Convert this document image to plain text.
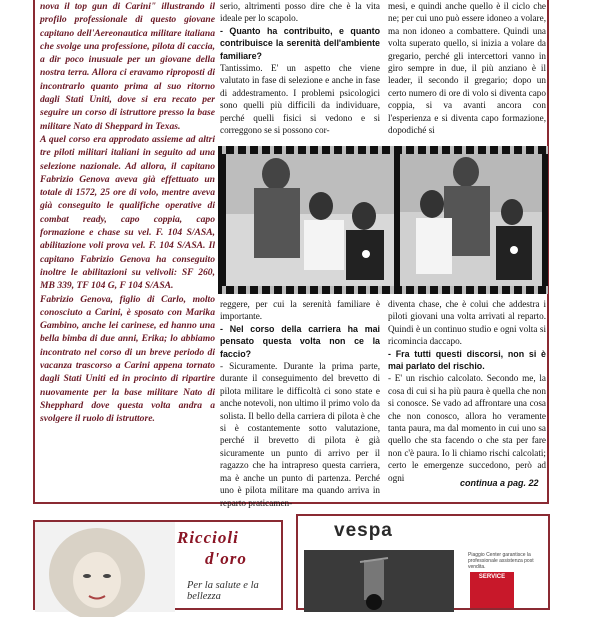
nova il top gun di Carini" illustrando il profilo professionale di questo giovane capitano dell'Aereonautica militare italiana che svolge una professione, pilota di caccia, a dir poco inusuale per un giovane della nostra terra. Allora ci eravamo riproposti di incontrarlo quanto prima al suo ritorno dagli Stati Uniti, dove si era recato per seguire un corso di istruttore presso la base militare Nato di Sheppard in Texas.

A quel corso era approdato assieme ad altri tre piloti militari italiani in seguito ad una selezione nazionale. Ad allora, il capitano Fabrizio Genova aveva già effettuato un totale di 1572, 25 ore di volo, mentre aveva già conseguito le qualifiche operative di combat ready, capo coppia, capo formazione e chase su vel. F. 104 S/ASA, abilitazione voli prova vel. F. 104 S/ASA. Il capitano Fabrizio Genova ha conseguito inoltre le abilitazioni su velivoli: SF 260, MB 339, TF 104 G, F 104 S/ASA.

Fabrizio Genova, figlio di Carlo, molto conosciuto a Carini, è sposato con Marika Gambino, anche lei carinese, ed hanno una bella bimba di due anni, Erika; lo abbiamo incontrato nel corso di un breve periodo di vacanza trascorso a Carini appena tornato dagli Stati Uniti ed in procinto di ripartire nuovamente per la base militare Nato di Shepphard dove questa volta andra a svolgere il ruolo di istruttore.

serio, altrimenti posso dire che è la vita ideale per lo scapolo.

- Quanto ha contribuito, e quanto contribuisce la serenità dell'ambiente familiare?

Tantissimo. E' un aspetto che viene valutato in fase di selezione e anche in fase di addestramento. I problemi psicologici sono quelli più difficili da individuare, perché quelli fisici si vedono e si correggono se si possono cor-

mesi, e quindi anche quello è il ciclo che ne; per cui uno può essere idoneo a volare, ma non idoneo a combattere. Quindi una volta superato quello, si inizia a volare da gregario, perché gli intercettori vanno in giro sempre in due, il più anziano è il leader, il secondo il gregario; dopo un certo numero di ore di volo si diventa capo coppia, si va avanti ancora con l'esperienza e si diventa capo formazione, dopodiché si

reggere, per cui la serenità familiare è importante.

- Nel corso della carriera ha mai pensato questa volta non ce la faccio?

- Sicuramente. Durante la prima parte, durante il conseguimento del brevetto di pilota militare le difficoltà ci sono state e anche notevoli, non ultimo il primo volo da solista. Il bello della carriera di pilota è che si è costantemente sotto valutazione, perché il brevetto di pilota è già sicuramente un punto di arrivo per il ragazzo che ha intrapreso questa carriera, ma è anche un punto di partenza. Perché uno è pilota militare ma quando arriva in reparto praticamen-

diventa chase, che è colui che addestra i piloti giovani una volta arrivati al reparto. Quindi è un continuo studio e ogni volta si ricomincia daccapo.

- Fra tutti questi discorsi, non si è mai parlato del rischio.

- E' un rischio calcolato. Secondo me, la cosa di cui si ha più paura è quella che non si conosce. Se vado ad affrontare una cosa che non conosco, allora ho veramente tanta paura, ma dal momento in cui uno sa quello che sta facendo o che sta per fare non c'è paura. Io li chiamo rischi calcolati; certo le emergenze succedono, però ad ogni

continua a pag. 22
Riccioli
d'oro
Per la salute e la bellezza
vespa
Piaggio Center garantisce la professionale assistenza post vendita.
SERVICE
